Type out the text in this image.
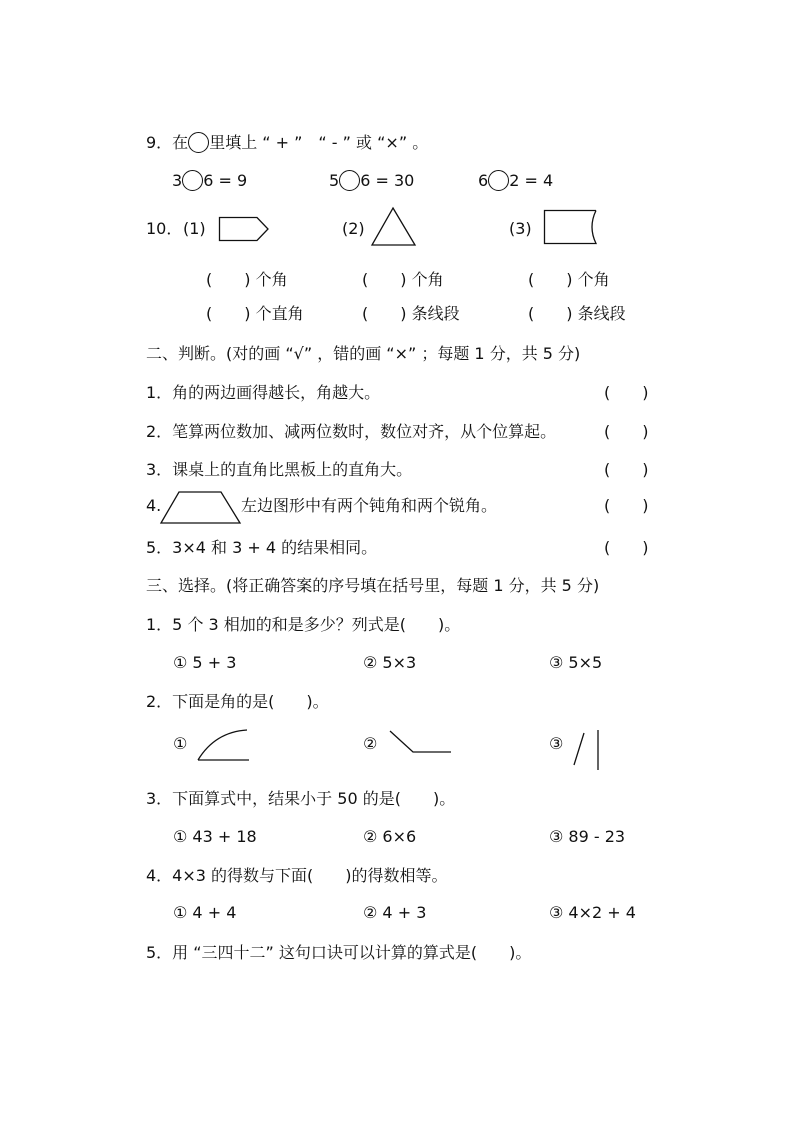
9．在 里填上 “ + ”　“ - ” 或 “×” 。
3 6 = 9	5 6 = 30	6 2 = 4
10． (1)	(2)	(3)
(　　) 个角	(　　) 个角	(　　) 个角
(　　) 个直角	(　　) 条线段	(　　) 条线段
二、判断。(对的画 “√” ，错的画 “×” ；每题 1 分，共 5 分)
1．角的两边画得越长，角越大。	(　　)
2．笔算两位数加、减两位数时，数位对齐，从个位算起。	(　　)
3．课桌上的直角比黑板上的直角大。	(　　)
4.	左边图形中有两个钝角和两个锐角。	(　　)
5．3×4 和 3 + 4 的结果相同。	(　　)
三、选择。(将正确答案的序号填在括号里，每题 1 分，共 5 分)
1．5 个 3 相加的和是多少？列式是(　　)。
① 5 + 3	② 5×3	③ 5×5
2．下面是角的是(　　)。
①	②	③
3．下面算式中，结果小于 50 的是(　　)。
① 43 + 18	② 6×6	③ 89 - 23
4．4×3 的得数与下面(　　)的得数相等。
① 4 + 4	② 4 + 3	③ 4×2 + 4
5．用 “三四十二” 这句口诀可以计算的算式是(　　)。
